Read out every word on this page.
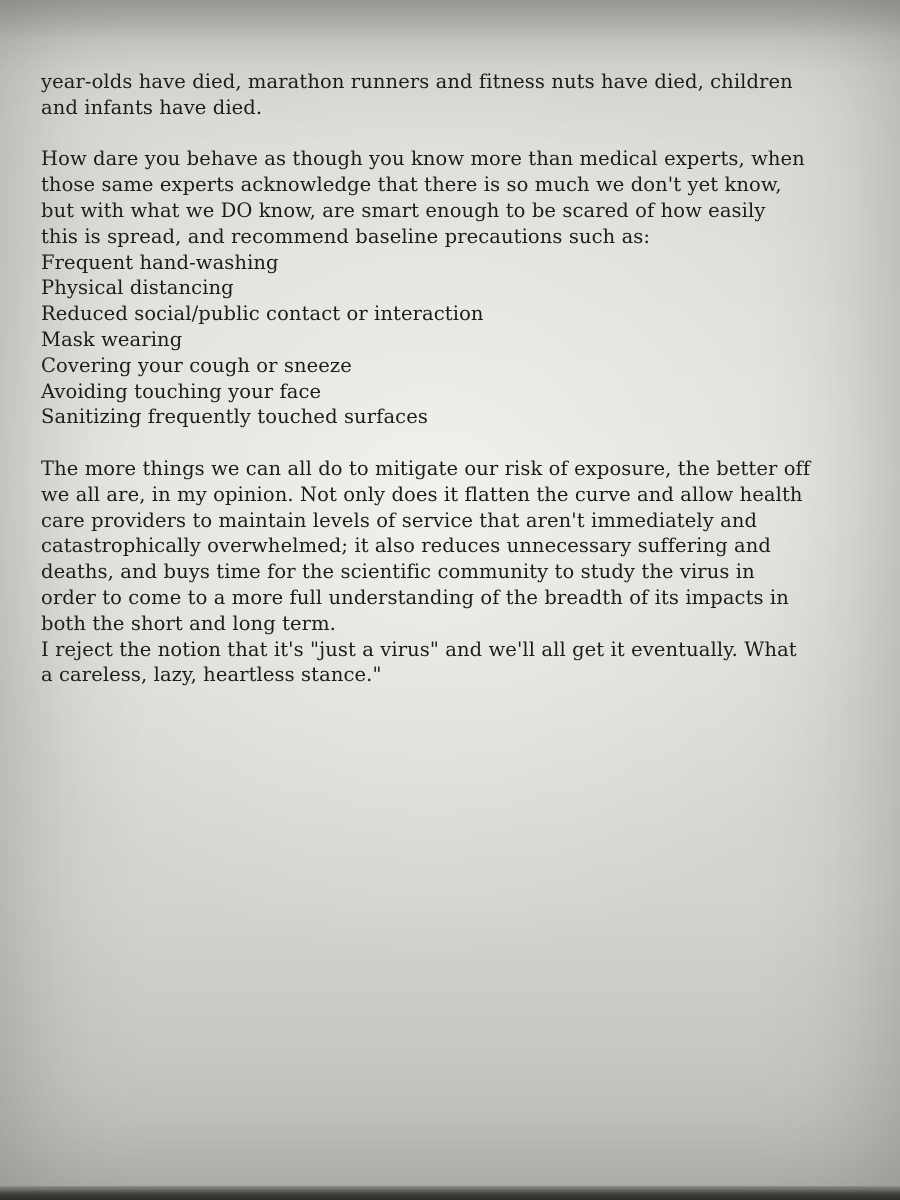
year-olds have died, marathon runners and fitness nuts have died, children
and infants have died.

How dare you behave as though you know more than medical experts, when
those same experts acknowledge that there is so much we don't yet know,
but with what we DO know, are smart enough to be scared of how easily
this is spread, and recommend baseline precautions such as:

Frequent hand-washing
Physical distancing
Reduced social/public contact or interaction
Mask wearing
Covering your cough or sneeze
Avoiding touching your face
Sanitizing frequently touched surfaces

The more things we can all do to mitigate our risk of exposure, the better off
we all are, in my opinion. Not only does it flatten the curve and allow health
care providers to maintain levels of service that aren't immediately and
catastrophically overwhelmed; it also reduces unnecessary suffering and
deaths, and buys time for the scientific community to study the virus in
order to come to a more full understanding of the breadth of its impacts in
both the short and long term.

I reject the notion that it's "just a virus" and we'll all get it eventually. What
a careless, lazy, heartless stance."
